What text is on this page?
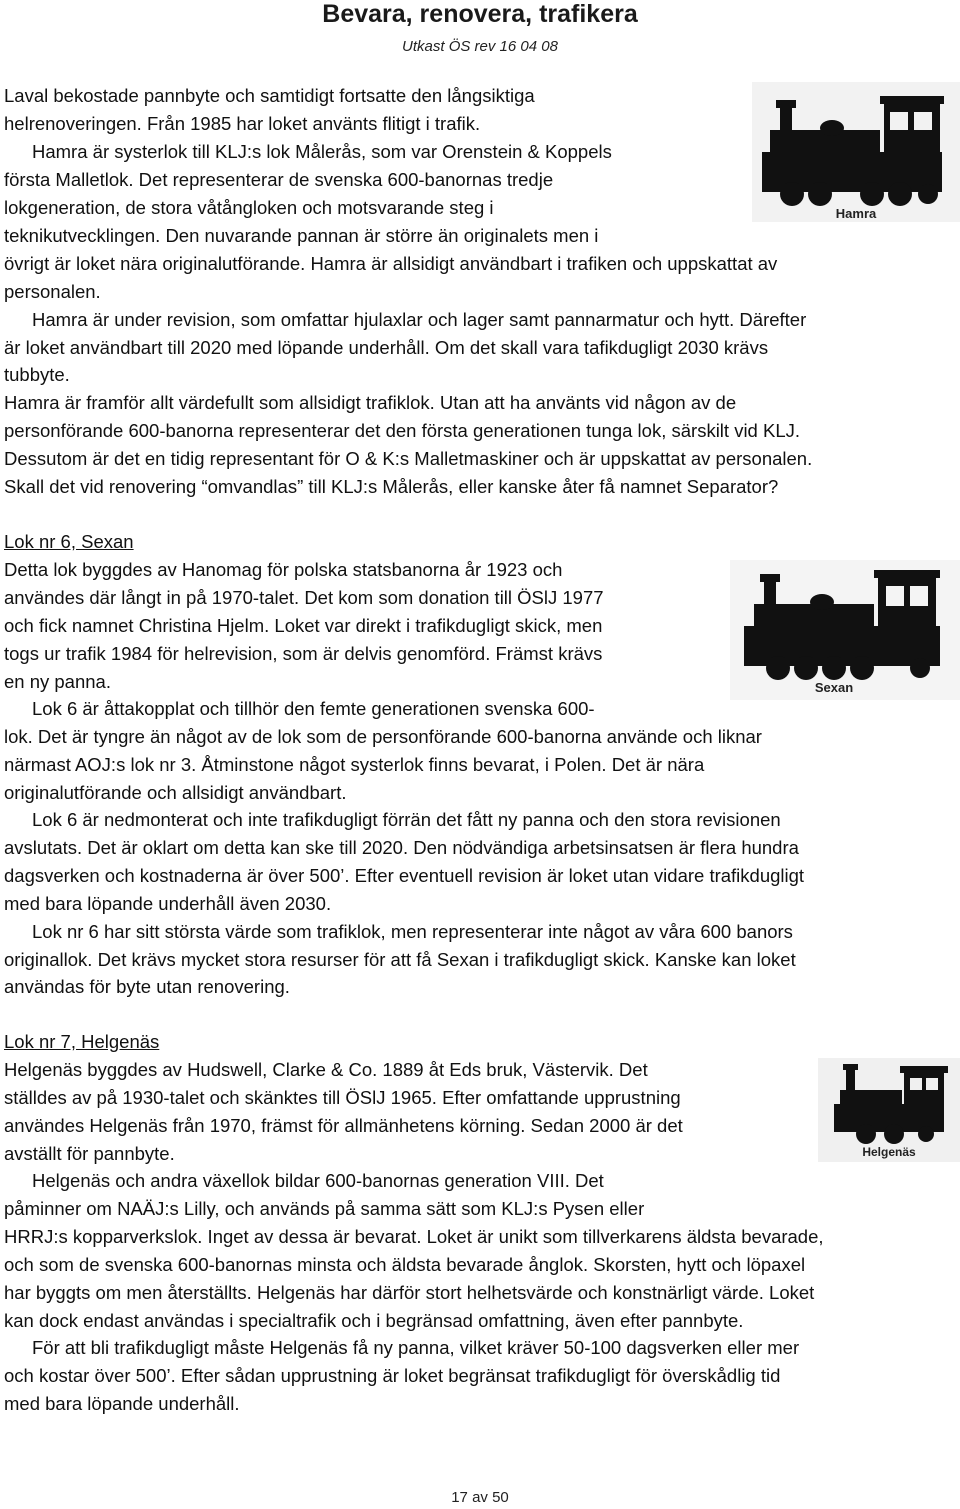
Bevara, renovera, trafikera
Utkast ÖS rev 16 04 08
Laval bekostade pannbyte och samtidigt fortsatte den långsiktiga
helrenoveringen. Från 1985 har loket använts flitigt i trafik.
Hamra är systerlok till KLJ:s lok Målerås, som var Orenstein & Koppels
första Malletlok. Det representerar de svenska 600-banornas tredje
lokgeneration, de stora våtångloken och motsvarande steg i
teknikutvecklingen. Den nuvarande pannan är större än originalets men i
övrigt är loket nära originalutförande. Hamra är allsidigt användbart i trafiken och uppskattat av
personalen.
Hamra är under revision, som omfattar hjulaxlar och lager samt pannarmatur och hytt. Därefter
är loket användbart till 2020 med löpande underhåll. Om det skall vara tafikdugligt 2030 krävs
tubbyte.
Hamra är framför allt värdefullt som allsidigt trafiklok. Utan att ha använts vid någon av de
personförande 600-banorna representerar det den första generationen tunga lok, särskilt vid KLJ.
Dessutom är det en tidig representant för O & K:s Malletmaskiner och är uppskattat av personalen.
Skall det vid renovering “omvandlas” till KLJ:s Målerås, eller kanske åter få namnet Separator?
Hamra
Lok nr 6, Sexan
Detta lok byggdes av Hanomag för polska statsbanorna år 1923 och
användes där långt in på 1970-talet. Det kom som donation till ÖSlJ 1977
och fick namnet Christina Hjelm. Loket var direkt i trafikdugligt skick, men
togs ur trafik 1984 för helrevision, som är delvis genomförd. Främst krävs
en ny panna.
Lok 6 är åttakopplat och tillhör den femte generationen svenska 600-
lok. Det är tyngre än något av de lok som de personförande 600-banorna använde och liknar
närmast AOJ:s lok nr 3. Åtminstone något systerlok finns bevarat, i Polen. Det är nära
originalutförande och allsidigt användbart.
Lok 6 är nedmonterat och inte trafikdugligt förrän det fått ny panna och den stora revisionen
avslutats. Det är oklart om detta kan ske till 2020. Den nödvändiga arbetsinsatsen är flera hundra
dagsverken och kostnaderna är över 500’. Efter eventuell revision är loket utan vidare trafikdugligt
med bara löpande underhåll även 2030.
Lok nr 6 har sitt största värde som trafiklok, men representerar inte något av våra 600 banors
originallok. Det krävs mycket stora resurser för att få Sexan i trafikdugligt skick. Kanske kan loket
användas för byte utan renovering.
Sexan
Lok nr 7, Helgenäs
Helgenäs byggdes av Hudswell, Clarke & Co. 1889 åt Eds bruk, Västervik. Det
ställdes av på 1930-talet och skänktes till ÖSlJ 1965. Efter omfattande upprustning
användes Helgenäs från 1970, främst för allmänhetens körning. Sedan 2000 är det
avställt för pannbyte.
Helgenäs och andra växellok bildar 600-banornas generation VIII. Det
påminner om NAÄJ:s Lilly, och används på samma sätt som KLJ:s Pysen eller
HRRJ:s kopparverkslok. Inget av dessa är bevarat. Loket är unikt som tillverkarens äldsta bevarade,
och som de svenska 600-banornas minsta och äldsta bevarade ånglok. Skorsten, hytt och löpaxel
har byggts om men återställts. Helgenäs har därför stort helhetsvärde och konstnärligt värde. Loket
kan dock endast användas i specialtrafik och i begränsad omfattning, även efter pannbyte.
För att bli trafikdugligt måste Helgenäs få ny panna, vilket kräver 50-100 dagsverken eller mer
och kostar över 500’. Efter sådan upprustning är loket begränsat trafikdugligt för överskådlig tid
med bara löpande underhåll.
Helgenäs
17 av 50
